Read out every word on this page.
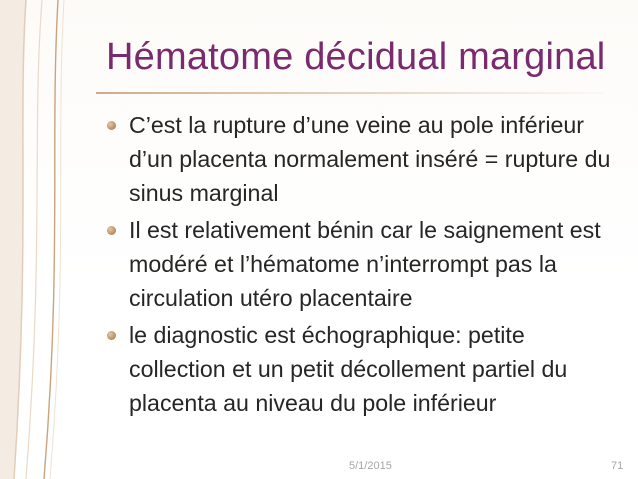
Hématome décidual marginal
C’est la rupture d’une veine au pole inférieur d’un placenta normalement inséré = rupture du sinus marginal
Il est relativement bénin car le saignement est modéré et l’hématome n’interrompt pas la circulation utéro placentaire
le diagnostic est échographique: petite collection et un petit décollement partiel du placenta au niveau du pole inférieur
5/1/2015	71
